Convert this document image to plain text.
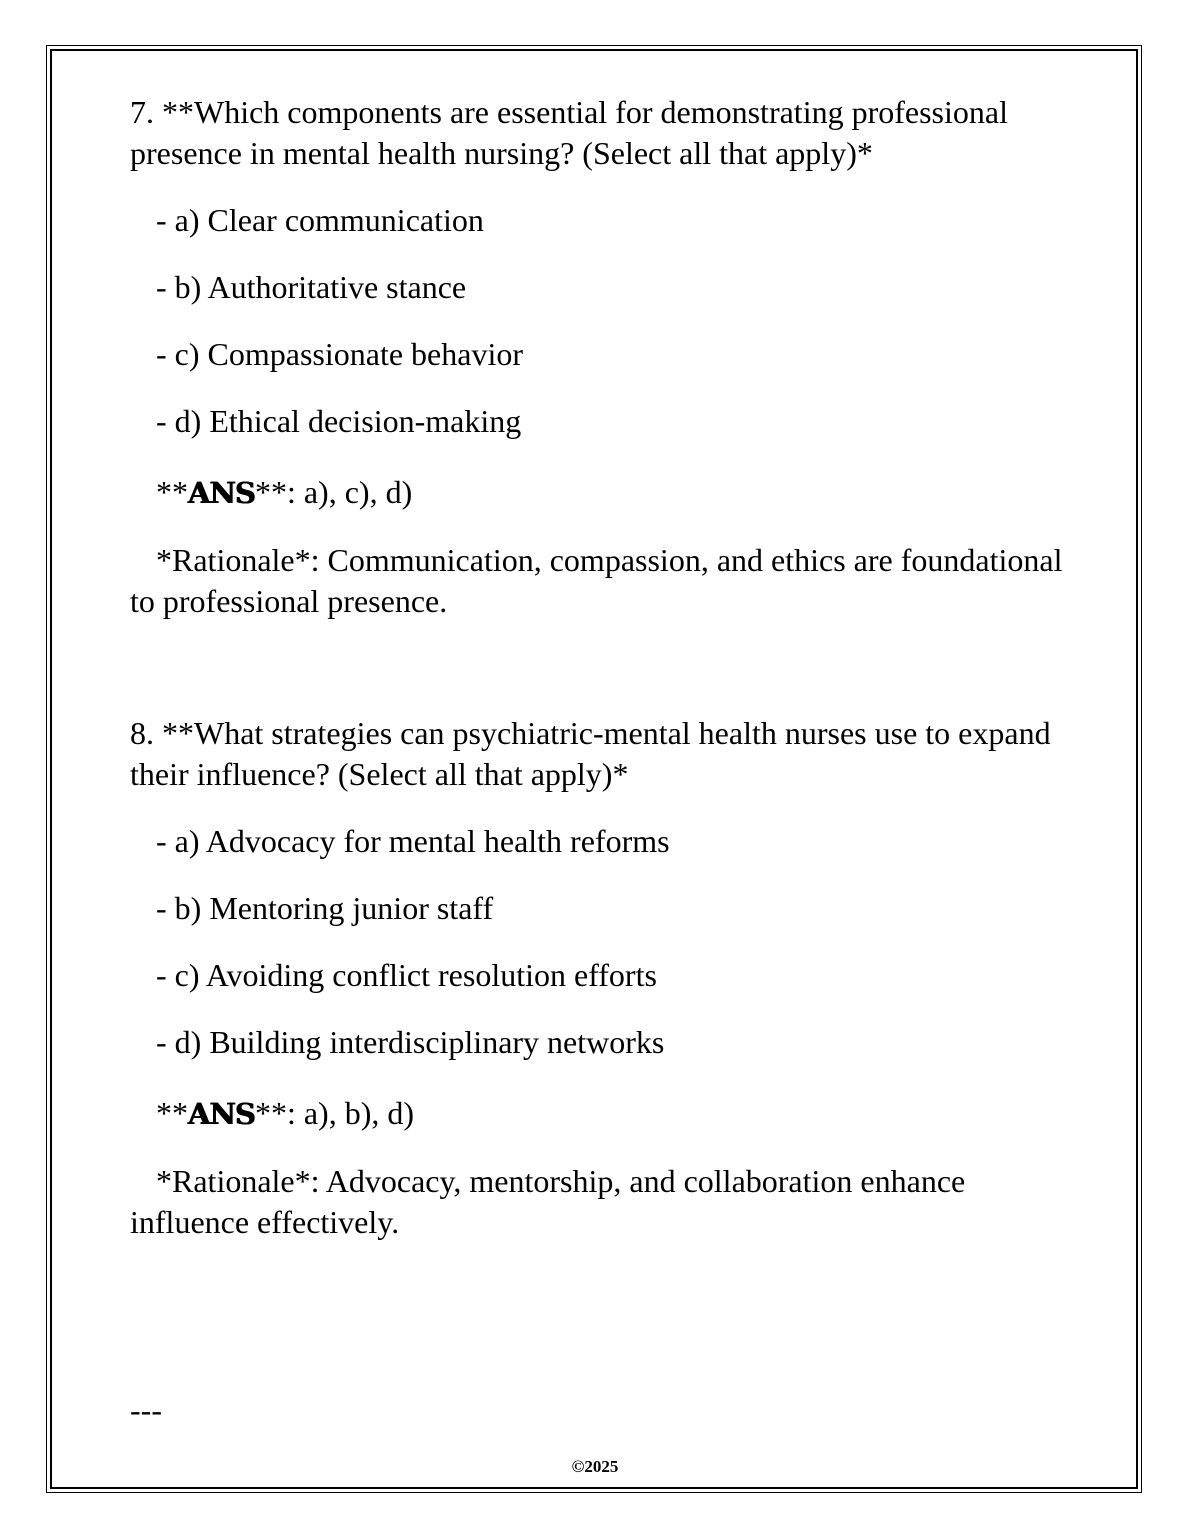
7. **Which components are essential for demonstrating professional presence in mental health nursing? (Select all that apply)*

- a) Clear communication

- b) Authoritative stance

- c) Compassionate behavior

- d) Ethical decision-making

**ANS**: a), c), d)

*Rationale*: Communication, compassion, and ethics are foundational to professional presence.

8. **What strategies can psychiatric-mental health nurses use to expand their influence? (Select all that apply)*

- a) Advocacy for mental health reforms

- b) Mentoring junior staff

- c) Avoiding conflict resolution efforts

- d) Building interdisciplinary networks

**ANS**: a), b), d)

*Rationale*: Advocacy, mentorship, and collaboration enhance influence effectively.

---
©2025
